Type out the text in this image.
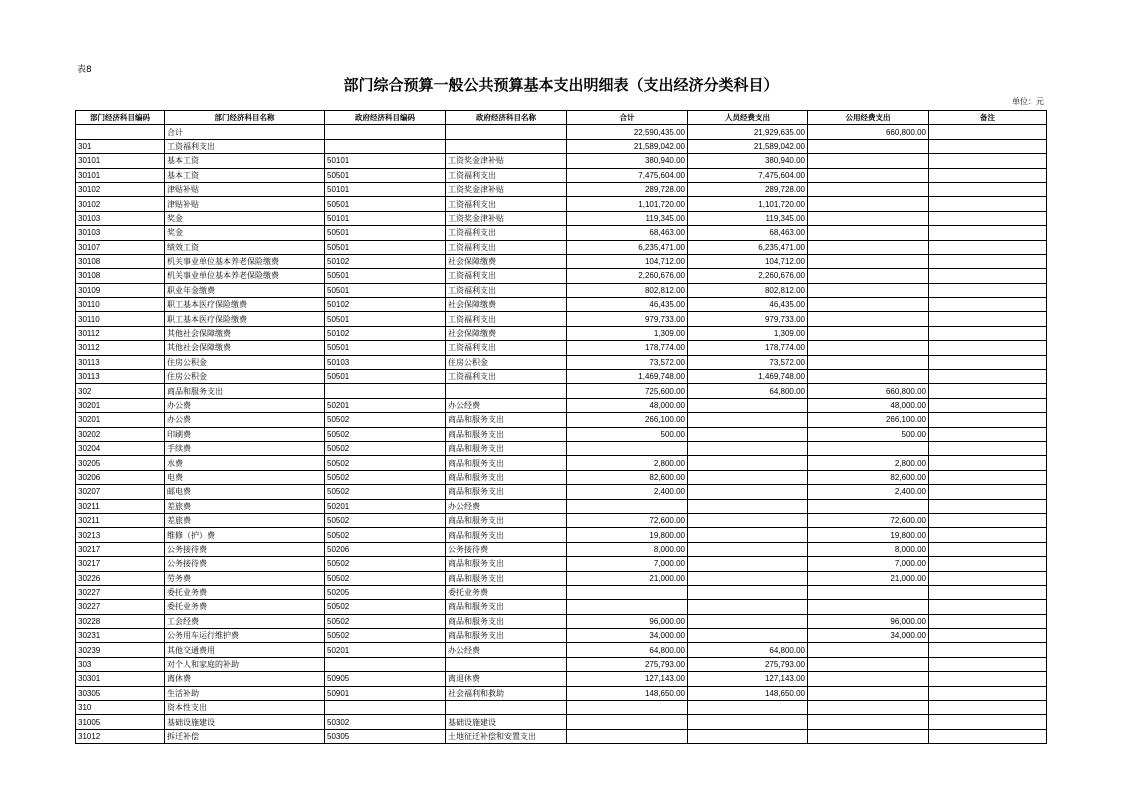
表8
部门综合预算一般公共预算基本支出明细表（支出经济分类科目）
单位：元
部门经济科目编码	部门经济科目名称	政府经济科目编码	政府经济科目名称	合计	人员经费支出	公用经费支出	备注
	合计			22,590,435.00	21,929,635.00	660,800.00	
301	工资福利支出			21,589,042.00	21,589,042.00		
30101	基本工资	50101	工资奖金津补贴	380,940.00	380,940.00		
30101	基本工资	50501	工资福利支出	7,475,604.00	7,475,604.00		
30102	津贴补贴	50101	工资奖金津补贴	289,728.00	289,728.00		
30102	津贴补贴	50501	工资福利支出	1,101,720.00	1,101,720.00		
30103	奖金	50101	工资奖金津补贴	119,345.00	119,345.00		
30103	奖金	50501	工资福利支出	68,463.00	68,463.00		
30107	绩效工资	50501	工资福利支出	6,235,471.00	6,235,471.00		
30108	机关事业单位基本养老保险缴费	50102	社会保障缴费	104,712.00	104,712.00		
30108	机关事业单位基本养老保险缴费	50501	工资福利支出	2,260,676.00	2,260,676.00		
30109	职业年金缴费	50501	工资福利支出	802,812.00	802,812.00		
30110	职工基本医疗保险缴费	50102	社会保障缴费	46,435.00	46,435.00		
30110	职工基本医疗保险缴费	50501	工资福利支出	979,733.00	979,733.00		
30112	其他社会保障缴费	50102	社会保障缴费	1,309.00	1,309.00		
30112	其他社会保障缴费	50501	工资福利支出	178,774.00	178,774.00		
30113	住房公积金	50103	住房公积金	73,572.00	73,572.00		
30113	住房公积金	50501	工资福利支出	1,469,748.00	1,469,748.00		
302	商品和服务支出			725,600.00	64,800.00	660,800.00	
30201	办公费	50201	办公经费	48,000.00		48,000.00	
30201	办公费	50502	商品和服务支出	266,100.00		266,100.00	
30202	印刷费	50502	商品和服务支出	500.00		500.00	
30204	手续费	50502	商品和服务支出				
30205	水费	50502	商品和服务支出	2,800.00		2,800.00	
30206	电费	50502	商品和服务支出	82,600.00		82,600.00	
30207	邮电费	50502	商品和服务支出	2,400.00		2,400.00	
30211	差旅费	50201	办公经费				
30211	差旅费	50502	商品和服务支出	72,600.00		72,600.00	
30213	维修（护）费	50502	商品和服务支出	19,800.00		19,800.00	
30217	公务接待费	50206	公务接待费	8,000.00		8,000.00	
30217	公务接待费	50502	商品和服务支出	7,000.00		7,000.00	
30226	劳务费	50502	商品和服务支出	21,000.00		21,000.00	
30227	委托业务费	50205	委托业务费				
30227	委托业务费	50502	商品和服务支出				
30228	工会经费	50502	商品和服务支出	96,000.00		96,000.00	
30231	公务用车运行维护费	50502	商品和服务支出	34,000.00		34,000.00	
30239	其他交通费用	50201	办公经费	64,800.00	64,800.00		
303	对个人和家庭的补助			275,793.00	275,793.00		
30301	离休费	50905	离退休费	127,143.00	127,143.00		
30305	生活补助	50901	社会福利和救助	148,650.00	148,650.00		
310	资本性支出						
31005	基础设施建设	50302	基础设施建设				
31012	拆迁补偿	50305	土地征迁补偿和安置支出				
